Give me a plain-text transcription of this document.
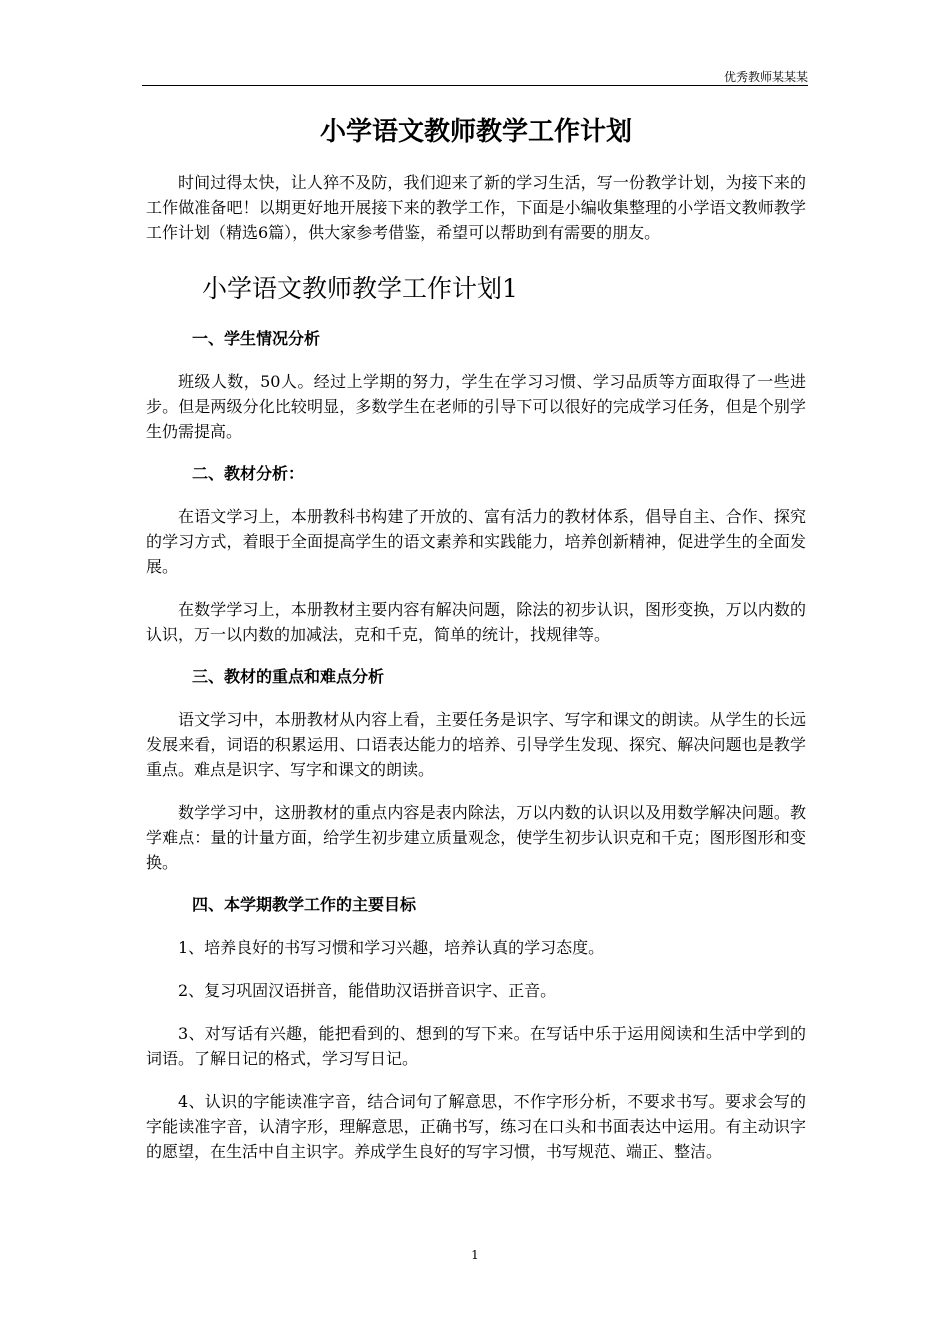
优秀教师某某某
小学语文教师教学工作计划

时间过得太快，让人猝不及防，我们迎来了新的学习生活，写一份教学计划，为接下来的工作做准备吧！以期更好地开展接下来的教学工作，下面是小编收集整理的小学语文教师教学工作计划（精选6篇），供大家参考借鉴，希望可以帮助到有需要的朋友。

小学语文教师教学工作计划1
一、学生情况分析

班级人数，50人。经过上学期的努力，学生在学习习惯、学习品质等方面取得了一些进步。但是两级分化比较明显，多数学生在老师的引导下可以很好的完成学习任务，但是个别学生仍需提高。

二、教材分析：

在语文学习上，本册教科书构建了开放的、富有活力的教材体系，倡导自主、合作、探究的学习方式，着眼于全面提高学生的语文素养和实践能力，培养创新精神，促进学生的全面发展。

在数学学习上，本册教材主要内容有解决问题，除法的初步认识，图形变换，万以内数的认识，万一以内数的加减法，克和千克，简单的统计，找规律等。

三、教材的重点和难点分析

语文学习中，本册教材从内容上看，主要任务是识字、写字和课文的朗读。从学生的长远发展来看，词语的积累运用、口语表达能力的培养、引导学生发现、探究、解决问题也是教学重点。难点是识字、写字和课文的朗读。

数学学习中，这册教材的重点内容是表内除法，万以内数的认识以及用数学解决问题。教学难点：量的计量方面，给学生初步建立质量观念，使学生初步认识克和千克；图形图形和变换。

四、本学期教学工作的主要目标

1、培养良好的书写习惯和学习兴趣，培养认真的学习态度。

2、复习巩固汉语拼音，能借助汉语拼音识字、正音。

3、对写话有兴趣，能把看到的、想到的写下来。在写话中乐于运用阅读和生活中学到的词语。了解日记的格式，学习写日记。

4、认识的字能读准字音，结合词句了解意思，不作字形分析，不要求书写。要求会写的字能读准字音，认清字形，理解意思，正确书写，练习在口头和书面表达中运用。有主动识字的愿望，在生活中自主识字。养成学生良好的写字习惯，书写规范、端正、整洁。

1
